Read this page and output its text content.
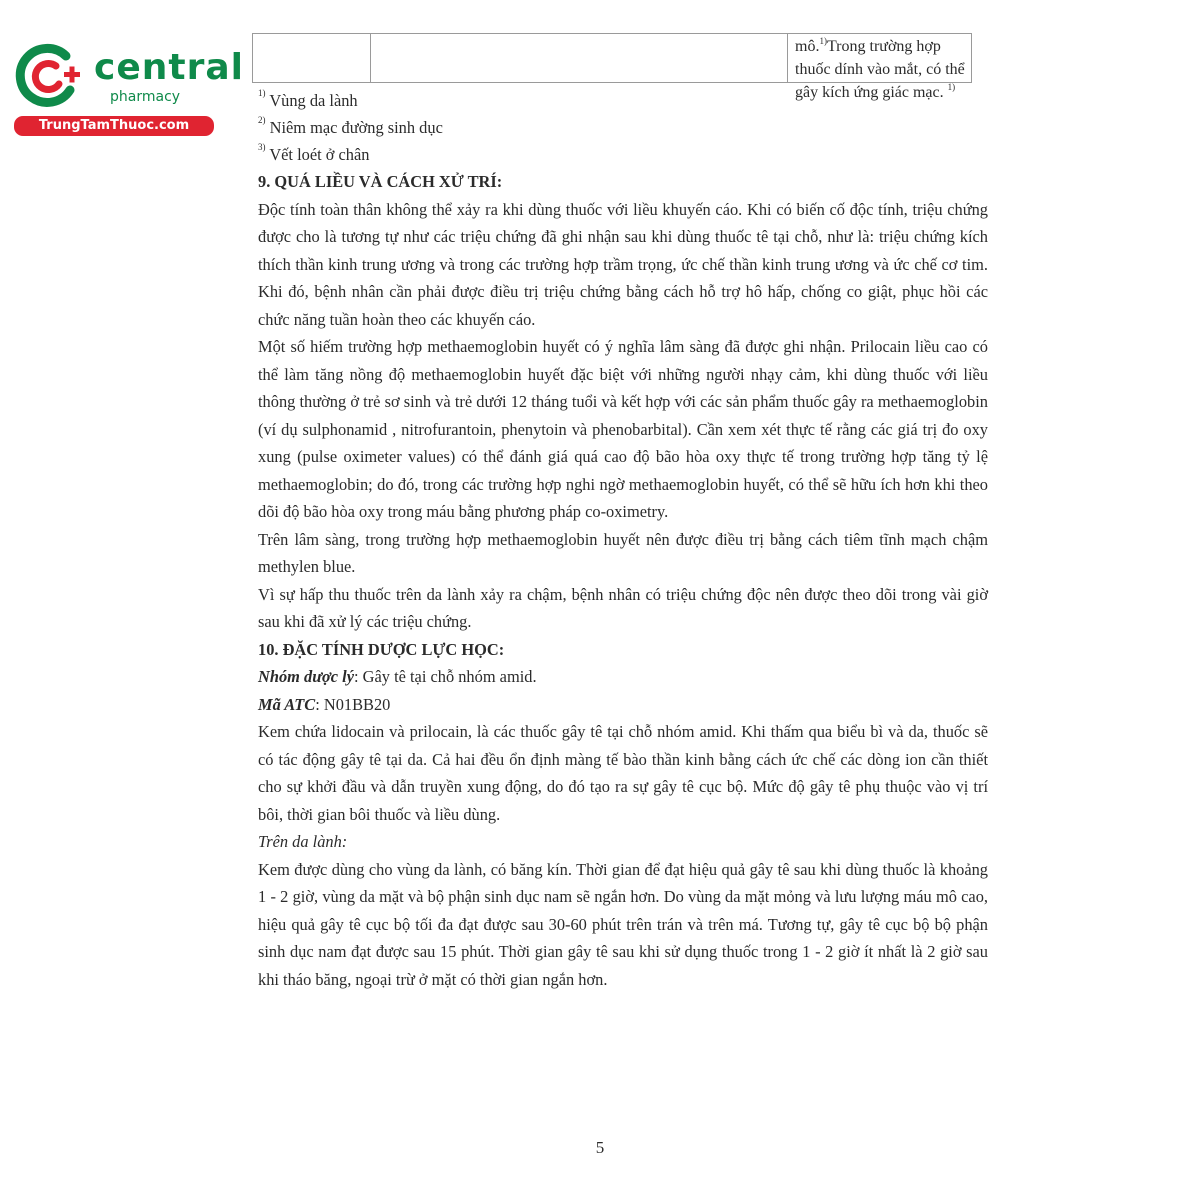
central
pharmacy
TrungTamThuoc.com
mô.$^{1)}$Trong trường hợp thuốc dính vào mắt, có thể gây kích ứng giác mạc. $^{1)}$

$^{1)}$ Vùng da lành

$^{2)}$ Niêm mạc đường sinh dục

$^{3)}$ Vết loét ở chân

9. QUÁ LIỀU VÀ CÁCH XỬ TRÍ:

Độc tính toàn thân không thể xảy ra khi dùng thuốc với liều khuyến cáo. Khi có biến cố độc tính, triệu chứng được cho là tương tự như các triệu chứng đã ghi nhận sau khi dùng thuốc tê tại chỗ, như là: triệu chứng kích thích thần kinh trung ương và trong các trường hợp trầm trọng, ức chế thần kinh trung ương và ức chế cơ tim. Khi đó, bệnh nhân cần phải được điều trị triệu chứng bằng cách hỗ trợ hô hấp, chống co giật, phục hồi các chức năng tuần hoàn theo các khuyến cáo.

Một số hiếm trường hợp methaemoglobin huyết có ý nghĩa lâm sàng đã được ghi nhận. Prilocain liều cao có thể làm tăng nồng độ methaemoglobin huyết đặc biệt với những người nhạy cảm, khi dùng thuốc với liều thông thường ở trẻ sơ sinh và trẻ dưới 12 tháng tuổi và kết hợp với các sản phẩm thuốc gây ra methaemoglobin (ví dụ sulphonamid , nitrofurantoin, phenytoin và phenobarbital). Cần xem xét thực tế rằng các giá trị đo oxy xung (pulse oximeter values) có thể đánh giá quá cao độ bão hòa oxy thực tế trong trường hợp tăng tỷ lệ methaemoglobin; do đó, trong các trường hợp nghi ngờ methaemoglobin huyết, có thể sẽ hữu ích hơn khi theo dõi độ bão hòa oxy trong máu bằng phương pháp co-oximetry.

Trên lâm sàng, trong trường hợp methaemoglobin huyết nên được điều trị bằng cách tiêm tĩnh mạch chậm methylen blue.

Vì sự hấp thu thuốc trên da lành xảy ra chậm, bệnh nhân có triệu chứng độc nên được theo dõi trong vài giờ sau khi đã xử lý các triệu chứng.

10. ĐẶC TÍNH DƯỢC LỰC HỌC:

Nhóm dược lý: Gây tê tại chỗ nhóm amid.

Mã ATC: N01BB20

Kem chứa lidocain và prilocain, là các thuốc gây tê tại chỗ nhóm amid. Khi thấm qua biểu bì và da, thuốc sẽ có tác động gây tê tại da. Cả hai đều ổn định màng tế bào thần kinh bằng cách ức chế các dòng ion cần thiết cho sự khởi đầu và dẫn truyền xung động, do đó tạo ra sự gây tê cục bộ. Mức độ gây tê phụ thuộc vào vị trí bôi, thời gian bôi thuốc và liều dùng.

Trên da lành:

Kem được dùng cho vùng da lành, có băng kín. Thời gian để đạt hiệu quả gây tê sau khi dùng thuốc là khoảng 1 - 2 giờ, vùng da mặt và bộ phận sinh dục nam sẽ ngắn hơn. Do vùng da mặt mỏng và lưu lượng máu mô cao, hiệu quả gây tê cục bộ tối đa đạt được sau 30-60 phút trên trán và trên má. Tương tự, gây tê cục bộ bộ phận sinh dục nam đạt được sau 15 phút. Thời gian gây tê sau khi sử dụng thuốc trong 1 - 2 giờ ít nhất là 2 giờ sau khi tháo băng, ngoại trừ ở mặt có thời gian ngắn hơn.

5
